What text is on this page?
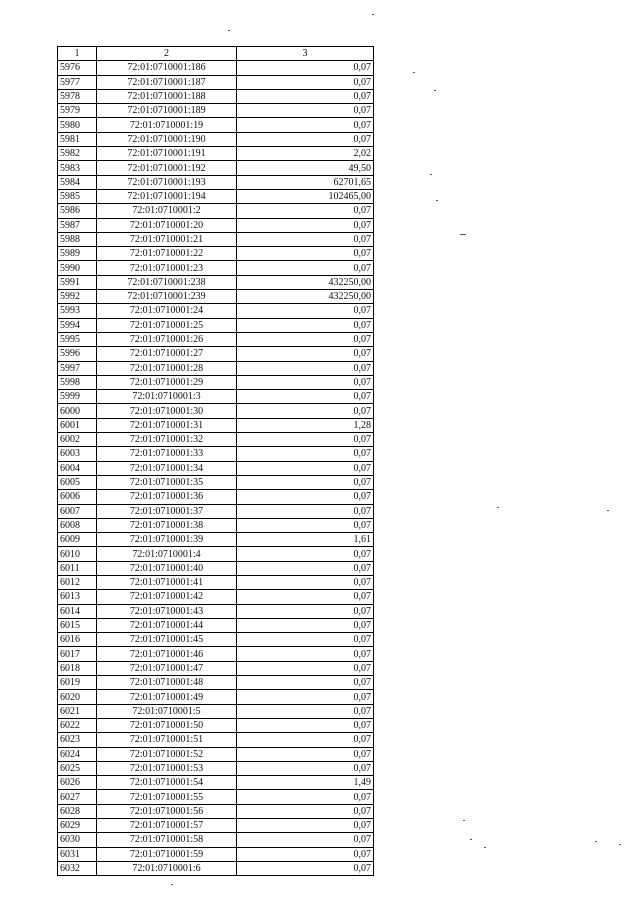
1	2	3
5976	72:01:0710001:186	0,07
5977	72:01:0710001:187	0,07
5978	72:01:0710001:188	0,07
5979	72:01:0710001:189	0,07
5980	72:01:0710001:19	0,07
5981	72:01:0710001:190	0,07
5982	72:01:0710001:191	2,02
5983	72:01:0710001:192	49,50
5984	72:01:0710001:193	62701,65
5985	72:01:0710001:194	102465,00
5986	72:01:0710001:2	0,07
5987	72:01:0710001:20	0,07
5988	72:01:0710001:21	0,07
5989	72:01:0710001:22	0,07
5990	72:01:0710001:23	0,07
5991	72:01:0710001:238	432250,00
5992	72:01:0710001:239	432250,00
5993	72:01:0710001:24	0,07
5994	72:01:0710001:25	0,07
5995	72:01:0710001:26	0,07
5996	72:01:0710001:27	0,07
5997	72:01:0710001:28	0,07
5998	72:01:0710001:29	0,07
5999	72:01:0710001:3	0,07
6000	72:01:0710001:30	0,07
6001	72:01:0710001:31	1,28
6002	72:01:0710001:32	0,07
6003	72:01:0710001:33	0,07
6004	72:01:0710001:34	0,07
6005	72:01:0710001:35	0,07
6006	72:01:0710001:36	0,07
6007	72:01:0710001:37	0,07
6008	72:01:0710001:38	0,07
6009	72:01:0710001:39	1,61
6010	72:01:0710001:4	0,07
6011	72:01:0710001:40	0,07
6012	72:01:0710001:41	0,07
6013	72:01:0710001:42	0,07
6014	72:01:0710001:43	0,07
6015	72:01:0710001:44	0,07
6016	72:01:0710001:45	0,07
6017	72:01:0710001:46	0,07
6018	72:01:0710001:47	0,07
6019	72:01:0710001:48	0,07
6020	72:01:0710001:49	0,07
6021	72:01:0710001:5	0,07
6022	72:01:0710001:50	0,07
6023	72:01:0710001:51	0,07
6024	72:01:0710001:52	0,07
6025	72:01:0710001:53	0,07
6026	72:01:0710001:54	1,49
6027	72:01:0710001:55	0,07
6028	72:01:0710001:56	0,07
6029	72:01:0710001:57	0,07
6030	72:01:0710001:58	0,07
6031	72:01:0710001:59	0,07
6032	72:01:0710001:6	0,07
